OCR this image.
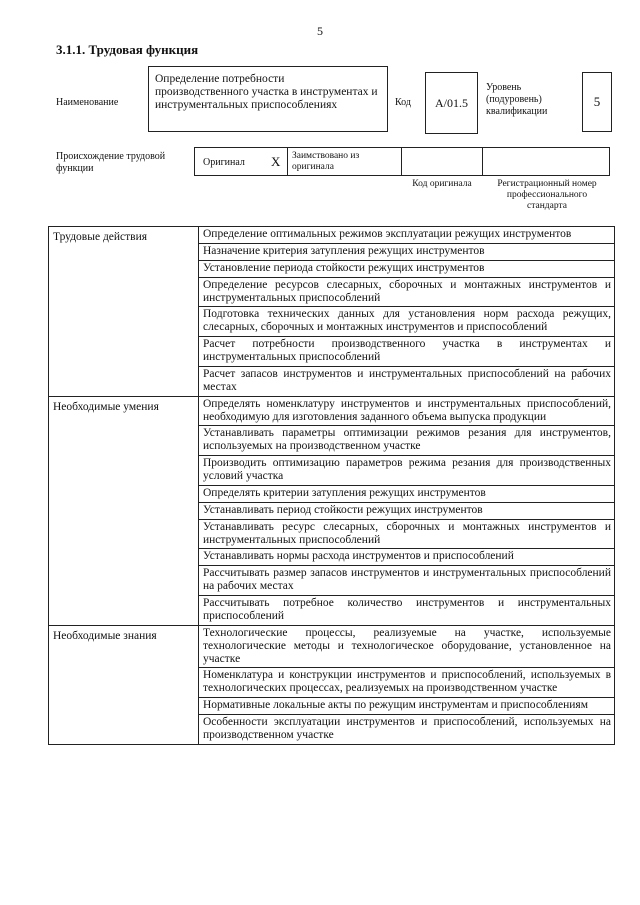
5
3.1.1. Трудовая функция
Наименование
Определение потребности производственного участка в инструментах и инструментальных приспособлениях	Код A/01.5
Уровень (подуровень) квалификации
5
Происхождение трудовой функции	Оригинал X Заимствовано из оригинала
Код оригинала	Регистрационный номер профессионального стандарта
Трудовые действия	Определение оптимальных режимов эксплуатации режущих инструментов
	Назначение критерия затупления режущих инструментов
	Установление периода стойкости режущих инструментов
	Определение ресурсов слесарных, сборочных и монтажных инструментов и инструментальных приспособлений
	Подготовка технических данных для установления норм расхода режущих, слесарных, сборочных и монтажных инструментов и приспособлений
	Расчет потребности производственного участка в инструментах и инструментальных приспособлений
	Расчет запасов инструментов и инструментальных приспособлений на рабочих местах
Необходимые умения	Определять номенклатуру инструментов и инструментальных приспособлений, необходимую для изготовления заданного объема выпуска продукции
	Устанавливать параметры оптимизации режимов резания для инструментов, используемых на производственном участке
	Производить оптимизацию параметров режима резания для производственных условий участка
	Определять критерии затупления режущих инструментов
	Устанавливать период стойкости режущих инструментов
	Устанавливать ресурс слесарных, сборочных и монтажных инструментов и инструментальных приспособлений
	Устанавливать нормы расхода инструментов и приспособлений
	Рассчитывать размер запасов инструментов и инструментальных приспособлений на рабочих местах
	Рассчитывать потребное количество инструментов и инструментальных приспособлений
Необходимые знания	Технологические процессы, реализуемые на участке, используемые технологические методы и технологическое оборудование, установленное на участке
	Номенклатура и конструкции инструментов и приспособлений, используемых в технологических процессах, реализуемых на производственном участке
	Нормативные локальные акты по режущим инструментам и приспособлениям
	Особенности эксплуатации инструментов и приспособлений, используемых на производственном участке
